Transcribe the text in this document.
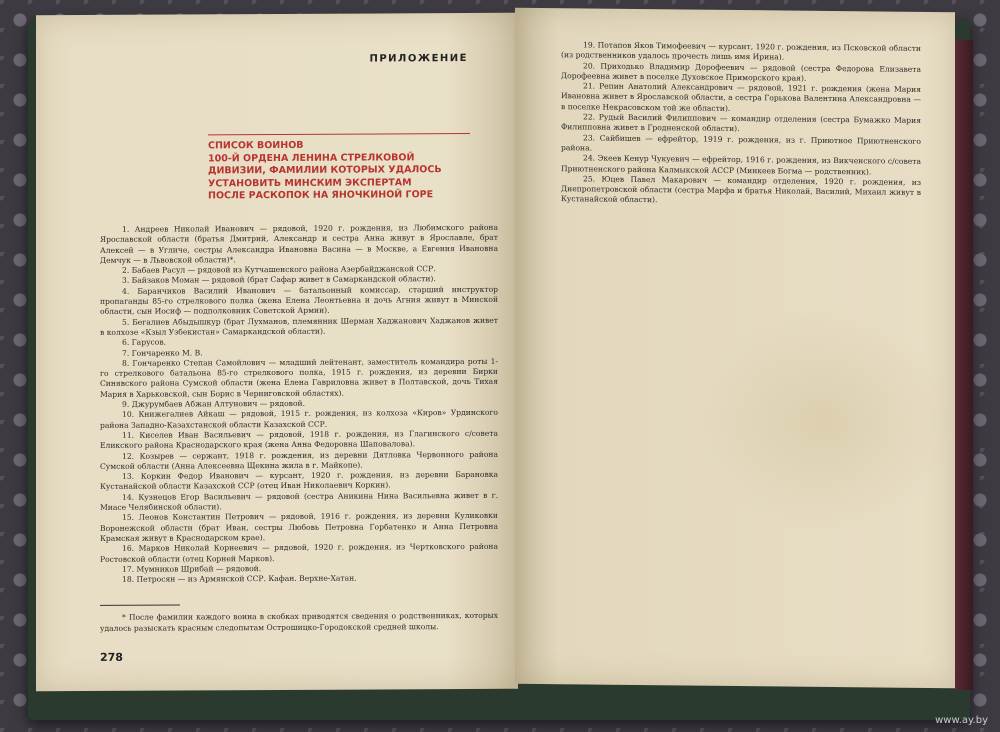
ПРИЛОЖЕНИЕ
СПИСОК ВОИНОВ
100-Й ОРДЕНА ЛЕНИНА СТРЕЛКОВОЙ
ДИВИЗИИ, ФАМИЛИИ КОТОРЫХ УДАЛОСЬ
УСТАНОВИТЬ МИНСКИМ ЭКСПЕРТАМ
ПОСЛЕ РАСКОПОК НА ЯНОЧКИНОЙ ГОРЕ

1. Андреев Николай Иванович — рядовой, 1920 г. рождения, из Любимского района Ярославской области (братья Дмитрий, Александр и сестра Анна живут в Ярославле, брат Алексей — в Угличе, сестры Александра Ивановна Васина — в Москве, а Евгения Ивановна Демчук — в Львовской области)*.

2. Бабаев Расул — рядовой из Кутчашенского района Азербайджанской ССР.

3. Байзаков Моман — рядовой (брат Сафар живет в Самаркандской области).

4. Баранчиков Василий Иванович — батальонный комиссар, старший инструктор пропаганды 85-го стрелкового полка (жена Елена Леонтьевна и дочь Агния живут в Минской области, сын Иосиф — подполковник Советской Армии).

5. Бегалиев Абыдышкур (брат Лухманов, племянник Шерман Хаджанович Хаджанов живет в колхозе «Кзыл Узбекистан» Самаркандской области).

6. Гарусов.

7. Гончаренко М. В.

8. Гончаренко Степан Самойлович — младший лейтенант, заместитель командира роты 1-го стрелкового батальона 85-го стрелкового полка, 1915 г. рождения, из деревни Бирки Синявского района Сумской области (жена Елена Гавриловна живет в Полтавской, дочь Тихая Мария в Харьковской, сын Борис в Черниговской областях).

9. Джурумбаев Абжан Алтунович — рядовой.

10. Книжегалиев Айкаш — рядовой, 1915 г. рождения, из колхоза «Киров» Урдинского района Западно-Казахстанской области Казахской ССР.

11. Киселев Иван Васильевич — рядовой, 1918 г. рождения, из Глагинского с/совета Еликского района Краснодарского края (жена Анна Федоровна Шаповалова).

12. Козырев — сержант, 1918 г. рождения, из деревни Дятловка Червонного района Сумской области (Анна Алексеевна Щекина жила в г. Майкопе).

13. Коркин Федор Иванович — курсант, 1920 г. рождения, из деревни Барановка Кустанайской области Казахской ССР (отец Иван Николаевич Коркин).

14. Кузнецов Егор Васильевич — рядовой (сестра Аникина Нина Васильевна живет в г. Миасе Челябинской области).

15. Леонов Константин Петрович — рядовой, 1916 г. рождения, из деревни Куликовки Воронежской области (брат Иван, сестры Любовь Петровна Горбатенко и Анна Петровна Крамская живут в Краснодарском крае).

16. Марков Николай Корнеевич — рядовой, 1920 г. рождения, из Чертковского района Ростовской области (отец Корней Марков).

17. Мумников Шрибай — рядовой.

18. Петросян — из Армянской ССР. Кафан. Верхне-Хатан.

* После фамилии каждого воина в скобках приводятся сведения о родственниках, которых удалось разыскать красным следопытам Острошицко-Городокской средней школы.
278

19. Потапов Яков Тимофеевич — курсант, 1920 г. рождения, из Псковской области (из родственников удалось прочесть лишь имя Ирина).

20. Приходько Владимир Дорофеевич — рядовой (сестра Федорова Елизавета Дорофеевна живет в поселке Духовское Приморского края).

21. Репин Анатолий Александрович — рядовой, 1921 г. рождения (жена Мария Ивановна живет в Ярославской области, а сестра Горькова Валентина Александровна — в поселке Некрасовском той же области).

22. Рудый Василий Филиппович — командир отделения (сестра Бумажко Мария Филипповна живет в Гродненской области).

23. Сайбишев — ефрейтор, 1919 г. рождения, из г. Приютное Приютненского района.

24. Экеев Кенур Чукуевич — ефрейтор, 1916 г. рождения, из Викченского с/совета Приютненского района Калмыкской АССР (Минкеев Богма — родственник).

25. Юцев Павел Макарович — командир отделения, 1920 г. рождения, из Днепропетровской области (сестра Марфа и братья Николай, Василий, Михаил живут в Кустанайской области).

www.ay.by
